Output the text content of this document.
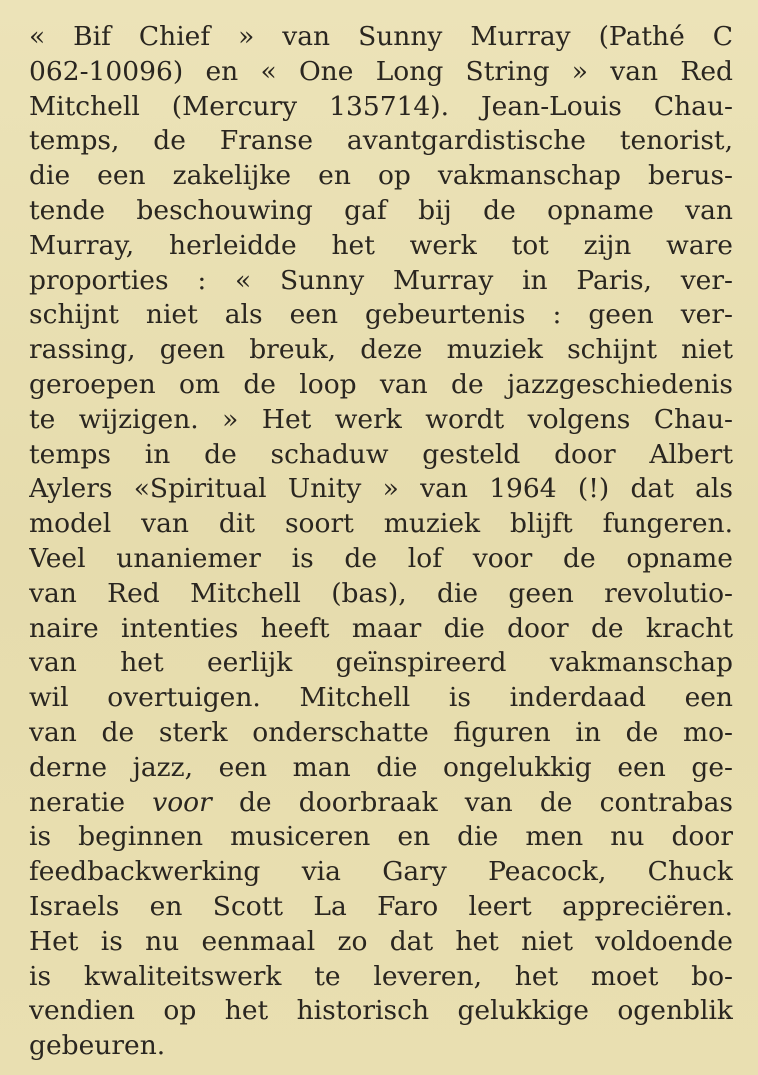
« Bif Chief » van Sunny Murray (Pathé C
062-10096) en « One Long String » van Red
Mitchell (Mercury 135714). Jean-Louis Chau-
temps, de Franse avantgardistische tenorist,
die een zakelijke en op vakmanschap berus-
tende beschouwing gaf bij de opname van
Murray, herleidde het werk tot zijn ware
proporties : « Sunny Murray in Paris, ver-
schijnt niet als een gebeurtenis : geen ver-
rassing, geen breuk, deze muziek schijnt niet
geroepen om de loop van de jazzgeschiedenis
te wijzigen. » Het werk wordt volgens Chau-
temps in de schaduw gesteld door Albert
Aylers «Spiritual Unity » van 1964 (!) dat als
model van dit soort muziek blijft fungeren.
Veel unaniemer is de lof voor de opname
van Red Mitchell (bas), die geen revolutio-
naire intenties heeft maar die door de kracht
van het eerlijk geïnspireerd vakmanschap
wil overtuigen. Mitchell is inderdaad een
van de sterk onderschatte figuren in de mo-
derne jazz, een man die ongelukkig een ge-
neratie voor de doorbraak van de contrabas
is beginnen musiceren en die men nu door
feedbackwerking via Gary Peacock, Chuck
Israels en Scott La Faro leert appreciëren.
Het is nu eenmaal zo dat het niet voldoende
is kwaliteitswerk te leveren, het moet bo-
vendien op het historisch gelukkige ogenblik
gebeuren.
